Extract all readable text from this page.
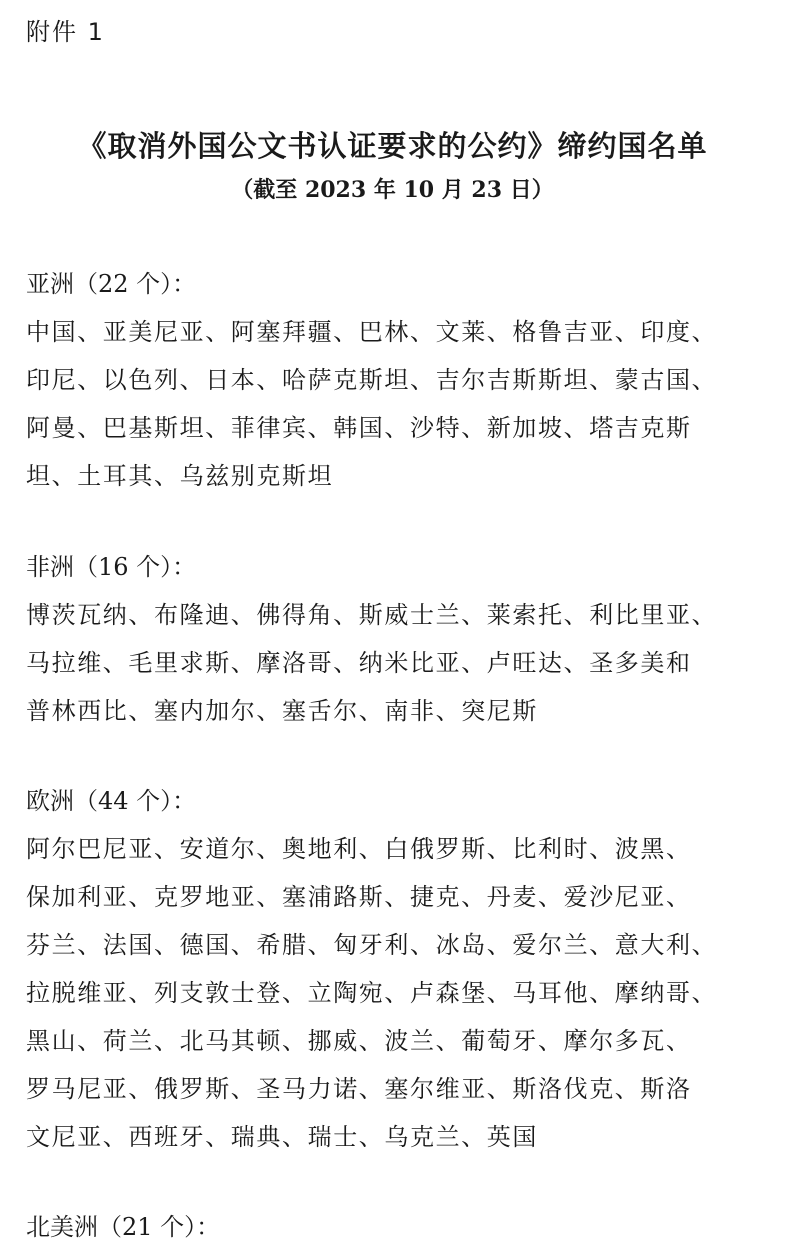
附件 1
《取消外国公文书认证要求的公约》缔约国名单
（截至 2023 年 10 月 23 日）
亚洲（22 个）：
中国、亚美尼亚、阿塞拜疆、巴林、文莱、格鲁吉亚、印度、
印尼、以色列、日本、哈萨克斯坦、吉尔吉斯斯坦、蒙古国、
阿曼、巴基斯坦、菲律宾、韩国、沙特、新加坡、塔吉克斯
坦、土耳其、乌兹别克斯坦
非洲（16 个）：
博茨瓦纳、布隆迪、佛得角、斯威士兰、莱索托、利比里亚、
马拉维、毛里求斯、摩洛哥、纳米比亚、卢旺达、圣多美和
普林西比、塞内加尔、塞舌尔、南非、突尼斯
欧洲（44 个）：
阿尔巴尼亚、安道尔、奥地利、白俄罗斯、比利时、波黑、
保加利亚、克罗地亚、塞浦路斯、捷克、丹麦、爱沙尼亚、
芬兰、法国、德国、希腊、匈牙利、冰岛、爱尔兰、意大利、
拉脱维亚、列支敦士登、立陶宛、卢森堡、马耳他、摩纳哥、
黑山、荷兰、北马其顿、挪威、波兰、葡萄牙、摩尔多瓦、
罗马尼亚、俄罗斯、圣马力诺、塞尔维亚、斯洛伐克、斯洛
文尼亚、西班牙、瑞典、瑞士、乌克兰、英国
北美洲（21 个）：
